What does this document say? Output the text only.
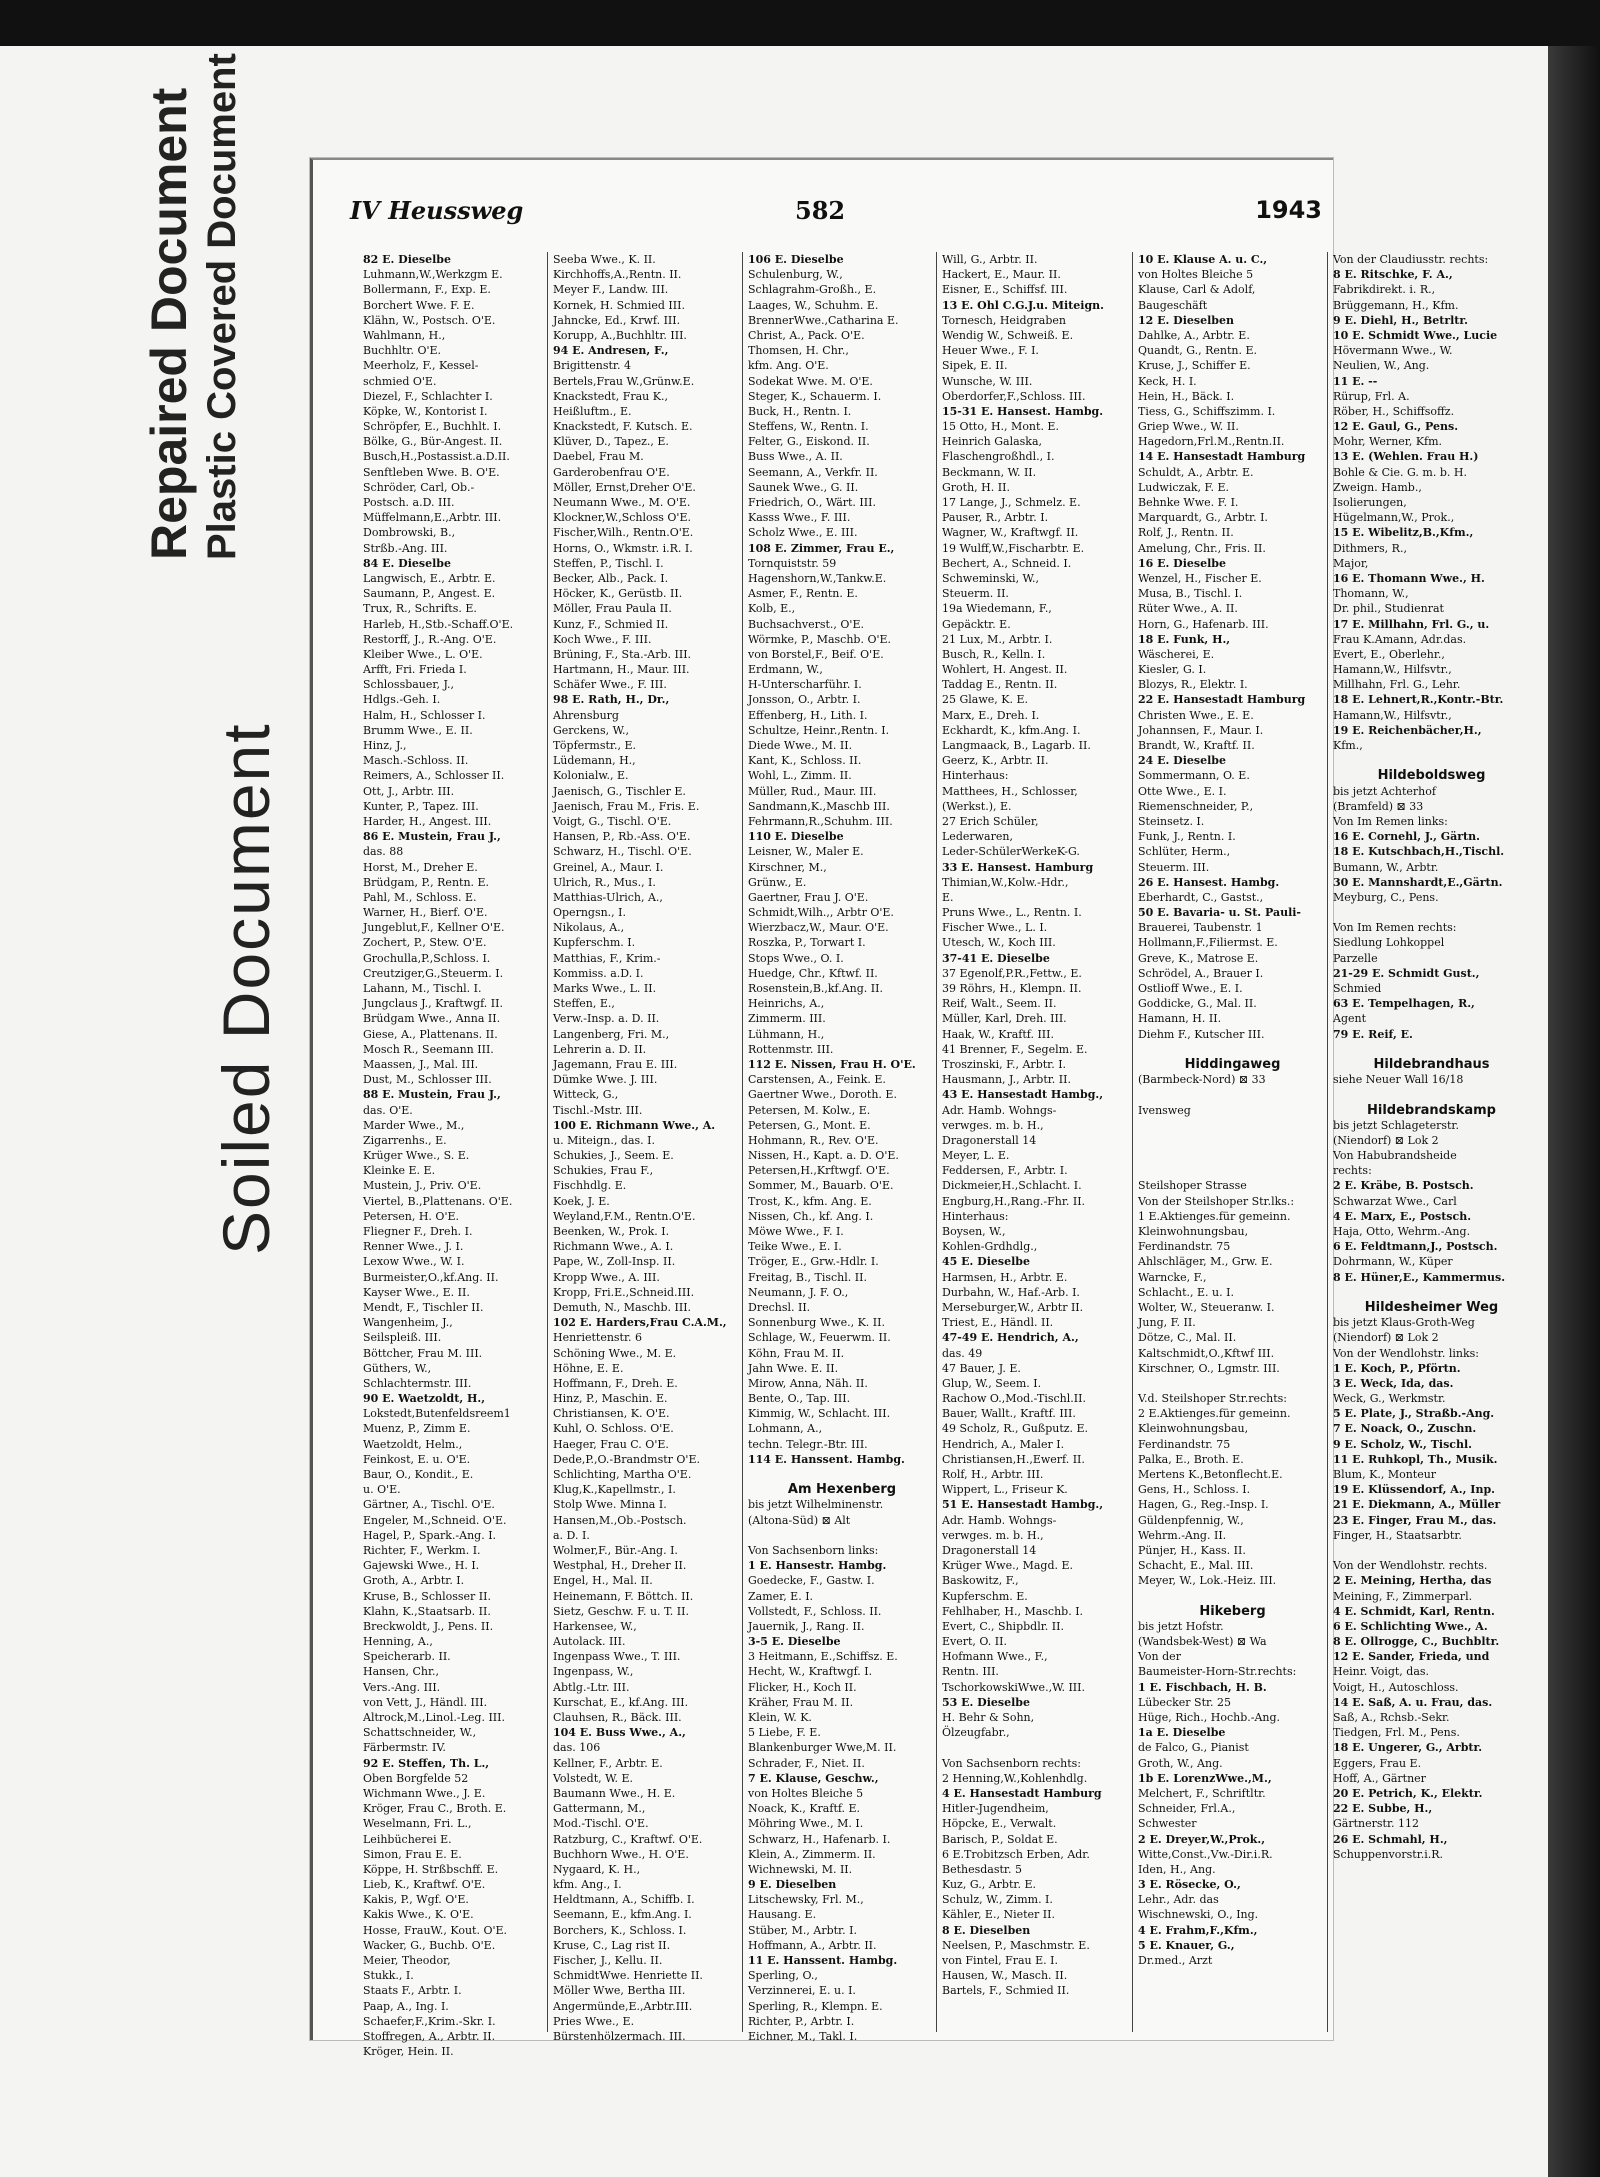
Repaired Document Plastic Covered Document
Soiled Document
IV Heussweg	582	1943
82 E. Dieselbe
Luhmann,W.,Werkzgm E.
Bollermann, F., Exp. E.
Borchert Wwe. F. E.
Klähn, W., Postsch. O'E.
Wahlmann, H.,
Buchhltr. O'E.
Meerholz, F., Kessel-
schmied O'E.
Diezel, F., Schlachter I.
Köpke, W., Kontorist I.
Schröpfer, E., Buchhlt. I.
Bölke, G., Bür-Angest. II.
Busch,H.,Postassist.a.D.II.
Senftleben Wwe. B. O'E.
Schröder, Carl, Ob.-
Postsch. a.D. III.
Müffelmann,E.,Arbtr. III.
Dombrowski, B.,
Strßb.-Ang. III.
84 E. Dieselbe
Langwisch, E., Arbtr. E.
Saumann, P., Angest. E.
Trux, R., Schrifts. E.
Harleb, H.,Stb.-Schaff.O'E.
Restorff, J., R.-Ang. O'E.
Kleiber Wwe., L. O'E.
Arfft, Fri. Frieda I.
Schlossbauer, J.,
Hdlgs.-Geh. I.
Halm, H., Schlosser I.
Brumm Wwe., E. II.
Hinz, J.,
Masch.-Schloss. II.
Reimers, A., Schlosser II.
Ott, J., Arbtr. III.
Kunter, P., Tapez. III.
Harder, H., Angest. III.
86 E. Mustein, Frau J.,
das. 88
Horst, M., Dreher E.
Brüdgam, P., Rentn. E.
Pahl, M., Schloss. E.
Warner, H., Bierf. O'E.
Jungeblut,F., Kellner O'E.
Zochert, P., Stew. O'E.
Grochulla,P.,Schloss. I.
Creutziger,G.,Steuerm. I.
Lahann, M., Tischl. I.
Jungclaus J., Kraftwgf. II.
Brüdgam Wwe., Anna II.
Giese, A., Plattenans. II.
Mosch R., Seemann III.
Maassen, J., Mal. III.
Dust, M., Schlosser III.
88 E. Mustein, Frau J.,
das. O'E.
Marder Wwe., M.,
Zigarrenhs., E.
Krüger Wwe., S. E.
Kleinke E. E.
Mustein, J., Priv. O'E.
Viertel, B.,Plattenans. O'E.
Petersen, H. O'E.
Fliegner F., Dreh. I.
Renner Wwe., J. I.
Lexow Wwe., W. I.
Burmeister,O.,kf.Ang. II.
Kayser Wwe., E. II.
Mendt, F., Tischler II.
Wangenheim, J.,
Seilspleiß. III.
Böttcher, Frau M. III.
Güthers, W.,
Schlachtermstr. III.
90 E. Waetzoldt, H.,
Lokstedt,Butenfeldsreem1
Muenz, P., Zimm E.
Waetzoldt, Helm.,
Feinkost, E. u. O'E.
Baur, O., Kondit., E.
u. O'E.
Gärtner, A., Tischl. O'E.
Engeler, M.,Schneid. O'E.
Hagel, P., Spark.-Ang. I.
Richter, F., Werkm. I.
Gajewski Wwe., H. I.
Groth, A., Arbtr. I.
Kruse, B., Schlosser II.
Klahn, K.,Staatsarb. II.
Breckwoldt, J., Pens. II.
Henning, A.,
Speicherarb. II.
Hansen, Chr.,
Vers.-Ang. III.
von Vett, J., Händl. III.
Altrock,M.,Linol.-Leg. III.
Schattschneider, W.,
Färbermstr. IV.
92 E. Steffen, Th. L.,
Oben Borgfelde 52
Wichmann Wwe., J. E.
Kröger, Frau C., Broth. E.
Weselmann, Fri. L.,
Leihbücherei E.
Simon, Frau E. E.
Köppe, H. Strßbschff. E.
Lieb, K., Kraftwf. O'E.
Kakis, P., Wgf. O'E.
Kakis Wwe., K. O'E.
Hosse, FrauW., Kout. O'E.
Wacker, G., Buchb. O'E.
Meier, Theodor,
Stukk., I.
Staats F., Arbtr. I.
Paap, A., Ing. I.
Schaefer,F.,Krim.-Skr. I.
Stoffregen, A., Arbtr. II.
Kröger, Hein. II.
Seeba Wwe., K. II.
Kirchhoffs,A.,Rentn. II.
Meyer F., Landw. III.
Kornek, H. Schmied III.
Jahncke, Ed., Krwf. III.
Korupp, A.,Buchhltr. III.
94 E. Andresen, F.,
Brigittenstr. 4
Bertels,Frau W.,Grünw.E.
Knackstedt, Frau K.,
Heißluftm., E.
Knackstedt, F. Kutsch. E.
Klüver, D., Tapez., E.
Daebel, Frau M.
Garderobenfrau O'E.
Möller, Ernst,Dreher O'E.
Neumann Wwe., M. O'E.
Klockner,W.,Schloss O'E.
Fischer,Wilh., Rentn.O'E.
Horns, O., Wkmstr. i.R. I.
Steffen, P., Tischl. I.
Becker, Alb., Pack. I.
Höcker, K., Gerüstb. II.
Möller, Frau Paula II.
Kunz, F., Schmied II.
Koch Wwe., F. III.
Brüning, F., Sta.-Arb. III.
Hartmann, H., Maur. III.
Schäfer Wwe., F. III.
98 E. Rath, H., Dr.,
Ahrensburg
Gerckens, W.,
Töpfermstr., E.
Lüdemann, H.,
Kolonialw., E.
Jaenisch, G., Tischler E.
Jaenisch, Frau M., Fris. E.
Voigt, G., Tischl. O'E.
Hansen, P., Rb.-Ass. O'E.
Schwarz, H., Tischl. O'E.
Greinel, A., Maur. I.
Ulrich, R., Mus., I.
Matthias-Ulrich, A.,
Operngsn., I.
Nikolaus, A.,
Kupferschm. I.
Matthias, F., Krim.-
Kommiss. a.D. I.
Marks Wwe., L. II.
Steffen, E.,
Verw.-Insp. a. D. II.
Langenberg, Fri. M.,
Lehrerin a. D. II.
Jagemann, Frau E. III.
Dümke Wwe. J. III.
Witteck, G.,
Tischl.-Mstr. III.
100 E. Richmann Wwe., A.
u. Miteign., das. I.
Schukies, J., Seem. E.
Schukies, Frau F.,
Fischhdlg. E.
Koek, J. E.
Weyland,F.M., Rentn.O'E.
Beenken, W., Prok. I.
Richmann Wwe., A. I.
Pape, W., Zoll-Insp. II.
Kropp Wwe., A. III.
Kropp, Fri.E.,Schneid.III.
Demuth, N., Maschb. III.
102 E. Harders,Frau C.A.M.,
Henriettenstr. 6
Schöning Wwe., M. E.
Höhne, E. E.
Hoffmann, F., Dreh. E.
Hinz, P., Maschin. E.
Christiansen, K. O'E.
Kuhl, O. Schloss. O'E.
Haeger, Frau C. O'E.
Dede,P.,O.-Brandmstr O'E.
Schlichting, Martha O'E.
Klug,K.,Kapellmstr., I.
Stolp Wwe. Minna I.
Hansen,M.,Ob.-Postsch.
a. D. I.
Wolmer,F., Bür.-Ang. I.
Westphal, H., Dreher II.
Engel, H., Mal. II.
Heinemann, F. Böttch. II.
Sietz, Geschw. F. u. T. II.
Harkensee, W.,
Autolack. III.
Ingenpass Wwe., T. III.
Ingenpass, W.,
Abtlg.-Ltr. III.
Kurschat, E., kf.Ang. III.
Clauhsen, R., Bäck. III.
104 E. Buss Wwe., A.,
das. 106
Kellner, F., Arbtr. E.
Volstedt, W. E.
Baumann Wwe., H. E.
Gattermann, M.,
Mod.-Tischl. O'E.
Ratzburg, C., Kraftwf. O'E.
Buchhorn Wwe., H. O'E.
Nygaard, K. H.,
kfm. Ang., I.
Heldtmann, A., Schiffb. I.
Seemann, E., kfm.Ang. I.
Borchers, K., Schloss. I.
Kruse, C., Lag rist II.
Fischer, J., Kellu. II.
SchmidtWwe. Henriette II.
Möller Wwe, Bertha III.
Angermünde,E.,Arbtr.III.
Pries Wwe., E.
Bürstenhölzermach. III.
106 E. Dieselbe
Schulenburg, W.,
Schlagrahm-Großh., E.
Laages, W., Schuhm. E.
BrennerWwe.,Catharina E.
Christ, A., Pack. O'E.
Thomsen, H. Chr.,
kfm. Ang. O'E.
Sodekat Wwe. M. O'E.
Steger, K., Schauerm. I.
Buck, H., Rentn. I.
Steffens, W., Rentn. I.
Felter, G., Eiskond. II.
Buss Wwe., A. II.
Seemann, A., Verkfr. II.
Saunek Wwe., G. II.
Friedrich, O., Wärt. III.
Kasss Wwe., F. III.
Scholz Wwe., E. III.
108 E. Zimmer, Frau E.,
Tornquiststr. 59
Hagenshorn,W.,Tankw.E.
Asmer, F., Rentn. E.
Kolb, E.,
Buchsachverst., O'E.
Wörmke, P., Maschb. O'E.
von Borstel,F., Beif. O'E.
Erdmann, W.,
H-Unterscharführ. I.
Jonsson, O., Arbtr. I.
Effenberg, H., Lith. I.
Schultze, Heinr.,Rentn. I.
Diede Wwe., M. II.
Kant, K., Schloss. II.
Wohl, L., Zimm. II.
Müller, Rud., Maur. III.
Sandmann,K.,Maschb III.
Fehrmann,R.,Schuhm. III.
110 E. Dieselbe
Leisner, W., Maler E.
Kirschner, M.,
Grünw., E.
Gaertner, Frau J. O'E.
Schmidt,Wilh.,, Arbtr O'E.
Wierzbacz,W., Maur. O'E.
Roszka, P., Torwart I.
Stops Wwe., O. I.
Huedge, Chr., Kftwf. II.
Rosenstein,B.,kf.Ang. II.
Heinrichs, A.,
Zimmerm. III.
Lühmann, H.,
Rottenmstr. III.
112 E. Nissen, Frau H. O'E.
Carstensen, A., Feink. E.
Gaertner Wwe., Doroth. E.
Petersen, M. Kolw., E.
Petersen, G., Mont. E.
Hohmann, R., Rev. O'E.
Nissen, H., Kapt. a. D. O'E.
Petersen,H.,Krftwgf. O'E.
Sommer, M., Bauarb. O'E.
Trost, K., kfm. Ang. E.
Nissen, Ch., kf. Ang. I.
Möwe Wwe., F. I.
Teike Wwe., E. I.
Tröger, E., Grw.-Hdlr. I.
Freitag, B., Tischl. II.
Neumann, J. F. O.,
Drechsl. II.
Sonnenburg Wwe., K. II.
Schlage, W., Feuerwm. II.
Köhn, Frau M. II.
Jahn Wwe. E. II.
Mirow, Anna, Näh. II.
Bente, O., Tap. III.
Kimmig, W., Schlacht. III.
Lohmann, A.,
techn. Telegr.-Btr. III.
114 E. Hanssent. Hambg.
Am Hexenberg
bis jetzt Wilhelminenstr.
(Altona-Süd) ⊠ Alt
Von Sachsenborn links:
1 E. Hansestr. Hambg.
Goedecke, F., Gastw. I.
Zamer, E. I.
Vollstedt, F., Schloss. II.
Jauernik, J., Rang. II.
3-5 E. Dieselbe
3 Heitmann, E.,Schiffsz. E.
Hecht, W., Kraftwgf. I.
Flicker, H., Koch II.
Kräher, Frau M. II.
Klein, W. K.
5 Liebe, F. E.
Blankenburger Wwe,M. II.
Schrader, F., Niet. II.
7 E. Klause, Geschw.,
von Holtes Bleiche 5
Noack, K., Kraftf. E.
Möhring Wwe., M. I.
Schwarz, H., Hafenarb. I.
Klein, A., Zimmerm. II.
Wichnewski, M. II.
9 E. Dieselben
Litschewsky, Frl. M.,
Hausang. E.
Stüber, M., Arbtr. I.
Hoffmann, A., Arbtr. II.
11 E. Hanssent. Hambg.
Sperling, O.,
Verzinnerei, E. u. I.
Sperling, R., Klempn. E.
Richter, P., Arbtr. I.
Eichner, M., Takl. I.
Will, G., Arbtr. II.
Hackert, E., Maur. II.
Eisner, E., Schiffsf. III.
13 E. Ohl C.G.J.u. Miteign.
Tornesch, Heidgraben
Wendig W., Schweiß. E.
Heuer Wwe., F. I.
Sipek, E. II.
Wunsche, W. III.
Oberdorfer,F.,Schloss. III.
15-31 E. Hansest. Hambg.
15 Otto, H., Mont. E.
Heinrich Galaska,
Flaschengroßhdl., I.
Beckmann, W. II.
Groth, H. II.
17 Lange, J., Schmelz. E.
Pauser, R., Arbtr. I.
Wagner, W., Kraftwgf. II.
19 Wulff,W.,Fischarbtr. E.
Bechert, A., Schneid. I.
Schweminski, W.,
Steuerm. II.
19a Wiedemann, F.,
Gepäcktr. E.
21 Lux, M., Arbtr. I.
Busch, R., Kelln. I.
Wohlert, H. Angest. II.
Taddag E., Rentn. II.
25 Glawe, K. E.
Marx, E., Dreh. I.
Eckhardt, K., kfm.Ang. I.
Langmaack, B., Lagarb. II.
Geerz, K., Arbtr. II.
Hinterhaus:
Matthees, H., Schlosser,
(Werkst.), E.
27 Erich Schüler,
Lederwaren,
Leder-SchülerWerkeK-G.
33 E. Hansest. Hamburg
Thimian,W.,Kolw.-Hdr.,
E.
Pruns Wwe., L., Rentn. I.
Fischer Wwe., L. I.
Utesch, W., Koch III.
37-41 E. Dieselbe
37 Egenolf,P.R.,Fettw., E.
39 Röhrs, H., Klempn. II.
Reif, Walt., Seem. II.
Müller, Karl, Dreh. III.
Haak, W., Kraftf. III.
41 Brenner, F., Segelm. E.
Troszinski, F., Arbtr. I.
Hausmann, J., Arbtr. II.
43 E. Hansestadt Hambg.,
Adr. Hamb. Wohngs-
verwges. m. b. H.,
Dragonerstall 14
Meyer, L. E.
Feddersen, F., Arbtr. I.
Dickmeier,H.,Schlacht. I.
Engburg,H.,Rang.-Fhr. II.
Hinterhaus:
Boysen, W.,
Kohlen-Grdhdlg.,
45 E. Dieselbe
Harmsen, H., Arbtr. E.
Durbahn, W., Haf.-Arb. I.
Merseburger,W., Arbtr II.
Triest, E., Händl. II.
47-49 E. Hendrich, A.,
das. 49
47 Bauer, J. E.
Glup, W., Seem. I.
Rachow O.,Mod.-Tischl.II.
Bauer, Wallt., Kraftf. III.
49 Scholz, R., Gußputz. E.
Hendrich, A., Maler I.
Christiansen,H.,Ewerf. II.
Rolf, H., Arbtr. III.
Wippert, L., Friseur K.
51 E. Hansestadt Hambg.,
Adr. Hamb. Wohngs-
verwges. m. b. H.,
Dragonerstall 14
Krüger Wwe., Magd. E.
Baskowitz, F.,
Kupferschm. E.
Fehlhaber, H., Maschb. I.
Evert, C., Shipbdlr. II.
Evert, O. II.
Hofmann Wwe., F.,
Rentn. III.
TschorkowskiWwe.,W. III.
53 E. Dieselbe
H. Behr & Sohn,
Ölzeugfabr.,
Von Sachsenborn rechts:
2 Henning,W.,Kohlenhdlg.
4 E. Hansestadt Hamburg
Hitler-Jugendheim,
Höpcke, E., Verwalt.
Barisch, P., Soldat E.
6 E.Trobitzsch Erben, Adr.
Bethesdastr. 5
Kuz, G., Arbtr. E.
Schulz, W., Zimm. I.
Kähler, E., Nieter II.
8 E. Dieselben
Neelsen, P., Maschmstr. E.
von Fintel, Frau E. I.
Hausen, W., Masch. II.
Bartels, F., Schmied II.
10 E. Klause A. u. C.,
von Holtes Bleiche 5
Klause, Carl & Adolf,
Baugeschäft
12 E. Dieselben
Dahlke, A., Arbtr. E.
Quandt, G., Rentn. E.
Kruse, J., Schiffer E.
Keck, H. I.
Hein, H., Bäck. I.
Tiess, G., Schiffszimm. I.
Griep Wwe., W. II.
Hagedorn,Frl.M.,Rentn.II.
14 E. Hansestadt Hamburg
Schuldt, A., Arbtr. E.
Ludwiczak, F. E.
Behnke Wwe. F. I.
Marquardt, G., Arbtr. I.
Rolf, J., Rentn. II.
Amelung, Chr., Fris. II.
16 E. Dieselbe
Wenzel, H., Fischer E.
Musa, B., Tischl. I.
Rüter Wwe., A. II.
Horn, G., Hafenarb. III.
18 E. Funk, H.,
Wäscherei, E.
Kiesler, G. I.
Blozys, R., Elektr. I.
22 E. Hansestadt Hamburg
Christen Wwe., E. E.
Johannsen, F., Maur. I.
Brandt, W., Kraftf. II.
24 E. Dieselbe
Sommermann, O. E.
Otte Wwe., E. I.
Riemenschneider, P.,
Steinsetz. I.
Funk, J., Rentn. I.
Schlüter, Herm.,
Steuerm. III.
26 E. Hansest. Hambg.
Eberhardt, C., Gastst.,
50 E. Bavaria- u. St. Pauli-
Brauerei, Taubenstr. 1
Hollmann,F.,Filiermst. E.
Greve, K., Matrose E.
Schrödel, A., Brauer I.
Ostlioff Wwe., E. I.
Goddicke, G., Mal. II.
Hamann, H. II.
Diehm F., Kutscher III.
Hiddingaweg
(Barmbeck-Nord) ⊠ 33
Ivensweg
Steilshoper Strasse
Von der Steilshoper Str.lks.:
1 E.Aktienges.für gemeinn.
Kleinwohnungsbau,
Ferdinandstr. 75
Ahlschläger, M., Grw. E.
Warncke, F.,
Schlacht., E. u. I.
Wolter, W., Steueranw. I.
Jung, F. II.
Dötze, C., Mal. II.
Kaltschmidt,O.,Kftwf III.
Kirschner, O., Lgmstr. III.
V.d. Steilshoper Str.rechts:
2 E.Aktienges.für gemeinn.
Kleinwohnungsbau,
Ferdinandstr. 75
Palka, E., Broth. E.
Mertens K.,Betonflecht.E.
Gens, H., Schloss. I.
Hagen, G., Reg.-Insp. I.
Güldenpfennig, W.,
Wehrm.-Ang. II.
Pünjer, H., Kass. II.
Schacht, E., Mal. III.
Meyer, W., Lok.-Heiz. III.
Hikeberg
bis jetzt Hofstr.
(Wandsbek-West) ⊠ Wa
Von der
Baumeister-Horn-Str.rechts:
1 E. Fischbach, H. B.
Lübecker Str. 25
Hüge, Rich., Hochb.-Ang.
1a E. Dieselbe
de Falco, G., Pianist
Groth, W., Ang.
1b E. LorenzWwe.,M.,
Melchert, F., Schriftltr.
Schneider, Frl.A.,
Schwester
2 E. Dreyer,W.,Prok.,
Witte,Const.,Vw.-Dir.i.R.
Iden, H., Ang.
3 E. Rösecke, O.,
Lehr., Adr. das
Wischnewski, O., Ing.
4 E. Frahm,F.,Kfm.,
5 E. Knauer, G.,
Dr.med., Arzt
Von der Claudiusstr. rechts:
8 E. Ritschke, F. A.,
Fabrikdirekt. i. R.,
Brüggemann, H., Kfm.
9 E. Diehl, H., Betrltr.
10 E. Schmidt Wwe., Lucie
Hövermann Wwe., W.
Neulien, W., Ang.
11 E. --
Rürup, Frl. A.
Röber, H., Schiffsoffz.
12 E. Gaul, G., Pens.
Mohr, Werner, Kfm.
13 E. (Wehlen. Frau H.)
Bohle & Cie. G. m. b. H.
Zweign. Hamb.,
Isolierungen,
Hügelmann,W., Prok.,
15 E. Wibelitz,B.,Kfm.,
Dithmers, R.,
Major,
16 E. Thomann Wwe., H.
Thomann, W.,
Dr. phil., Studienrat
17 E. Millhahn, Frl. G., u.
Frau K.Amann, Adr.das.
Evert, E., Oberlehr.,
Hamann,W., Hilfsvtr.,
Millhahn, Frl. G., Lehr.
18 E. Lehnert,R.,Kontr.-Btr.
Hamann,W., Hilfsvtr.,
19 E. Reichenbächer,H.,
Kfm.,
Hildeboldsweg
bis jetzt Achterhof
(Bramfeld) ⊠ 33
Von Im Remen links:
16 E. Cornehl, J., Gärtn.
18 E. Kutschbach,H.,Tischl.
Bumann, W., Arbtr.
30 E. Mannshardt,E.,Gärtn.
Meyburg, C., Pens.
Von Im Remen rechts:
Siedlung Lohkoppel
Parzelle
21-29 E. Schmidt Gust.,
Schmied
63 E. Tempelhagen, R.,
Agent
79 E. Reif, E.
Hildebrandhaus
siehe Neuer Wall 16/18
Hildebrandskamp
bis jetzt Schlageterstr.
(Niendorf) ⊠ Lok 2
Von Habubrandsheide
rechts:
2 E. Kräbe, B. Postsch.
Schwarzat Wwe., Carl
4 E. Marx, E., Postsch.
Haja, Otto, Wehrm.-Ang.
6 E. Feldtmann,J., Postsch.
Dohrmann, W., Küper
8 E. Hüner,E., Kammermus.
Hildesheimer Weg
bis jetzt Klaus-Groth-Weg
(Niendorf) ⊠ Lok 2
Von der Wendlohstr. links:
1 E. Koch, P., Pförtn.
3 E. Weck, Ida, das.
Weck, G., Werkmstr.
5 E. Plate, J., Straßb.-Ang.
7 E. Noack, O., Zuschn.
9 E. Scholz, W., Tischl.
11 E. Ruhkopl, Th., Musik.
Blum, K., Monteur
19 E. Klüssendorf, A., Inp.
21 E. Diekmann, A., Müller
23 E. Finger, Frau M., das.
Finger, H., Staatsarbtr.
Von der Wendlohstr. rechts.
2 E. Meining, Hertha, das
Meining, F., Zimmerparl.
4 E. Schmidt, Karl, Rentn.
6 E. Schlichting Wwe., A.
8 E. Ollrogge, C., Buchbltr.
12 E. Sander, Frieda, und
Heinr. Voigt, das.
Voigt, H., Autoschloss.
14 E. Saß, A. u. Frau, das.
Saß, A., Rchsb.-Sekr.
Tiedgen, Frl. M., Pens.
18 E. Ungerer, G., Arbtr.
Eggers, Frau E.
Hoff, A., Gärtner
20 E. Petrich, K., Elektr.
22 E. Subbe, H.,
Gärtnerstr. 112
26 E. Schmahl, H.,
Schuppenvorstr.i.R.
